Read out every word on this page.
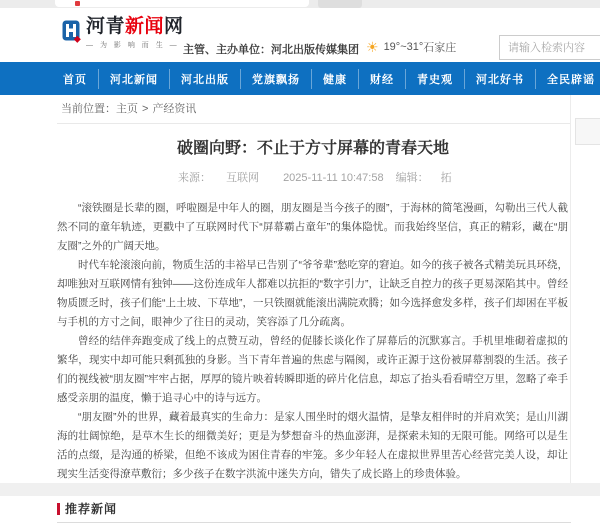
河青新闻网
— 为 影 响 而 生 — 主管、主办单位：河北出版传媒集团 ☀ 19°~31° 石家庄
请输入检索内容
首页	河北新闻	河北出版	党旗飘扬	健康	财经	青史观	河北好书	全民辟谣
当前位置：主页 > 产经资讯
破圈向野：不止于方寸屏幕的青春天地
来源： 互联网 2025-11-11 10:47:58 编辑： 拓

“滚铁圈是长辈的圈，呼啦圈是中年人的圈，朋友圈是当今孩子的圈”，于海林的简笔漫画，勾勒出三代人截然不同的童年轨迹，更戳中了互联网时代下“屏幕霸占童年”的集体隐忧。而我始终坚信，真正的精彩，藏在“朋友圈”之外的广阔天地。

时代车轮滚滚向前，物质生活的丰裕早已告别了“爷爷辈”愁吃穿的窘迫。如今的孩子被各式精美玩具环绕，却唯独对互联网情有独钟——这份连成年人都难以抗拒的“数字引力”，让缺乏自控力的孩子更易深陷其中。曾经物质匮乏时，孩子们能“上土坡、下草地”，一只铁圈就能滚出满院欢腾；如今选择愈发多样，孩子们却困在平板与手机的方寸之间，眼神少了往日的灵动，笑容添了几分疏离。

曾经的结伴奔跑变成了线上的点赞互动，曾经的促膝长谈化作了屏幕后的沉默寡言。手机里堆砌着虚拟的繁华，现实中却可能只剩孤独的身影。当下青年普遍的焦虑与隔阂，或许正源于这份被屏幕割裂的生活。孩子们的视线被“朋友圈”牢牢占据，厚厚的镜片映着转瞬即逝的碎片化信息，却忘了抬头看看晴空万里，忽略了牵手感受亲朋的温度，懒于追寻心中的诗与远方。

“朋友圈”外的世界，藏着最真实的生命力：是家人围坐时的烟火温情，是挚友相伴时的并肩欢笑；是山川湖海的壮阔惊绝，是草木生长的细微美好；更是为梦想奋斗的热血澎湃，是探索未知的无限可能。网络可以是生活的点缀，是沟通的桥梁，但绝不该成为困住青春的牢笼。多少年轻人在虚拟世界里苦心经营完美人设，却让现实生活变得潦草敷衍；多少孩子在数字洪流中迷失方向，错失了成长路上的珍贵体验。

推荐新闻
